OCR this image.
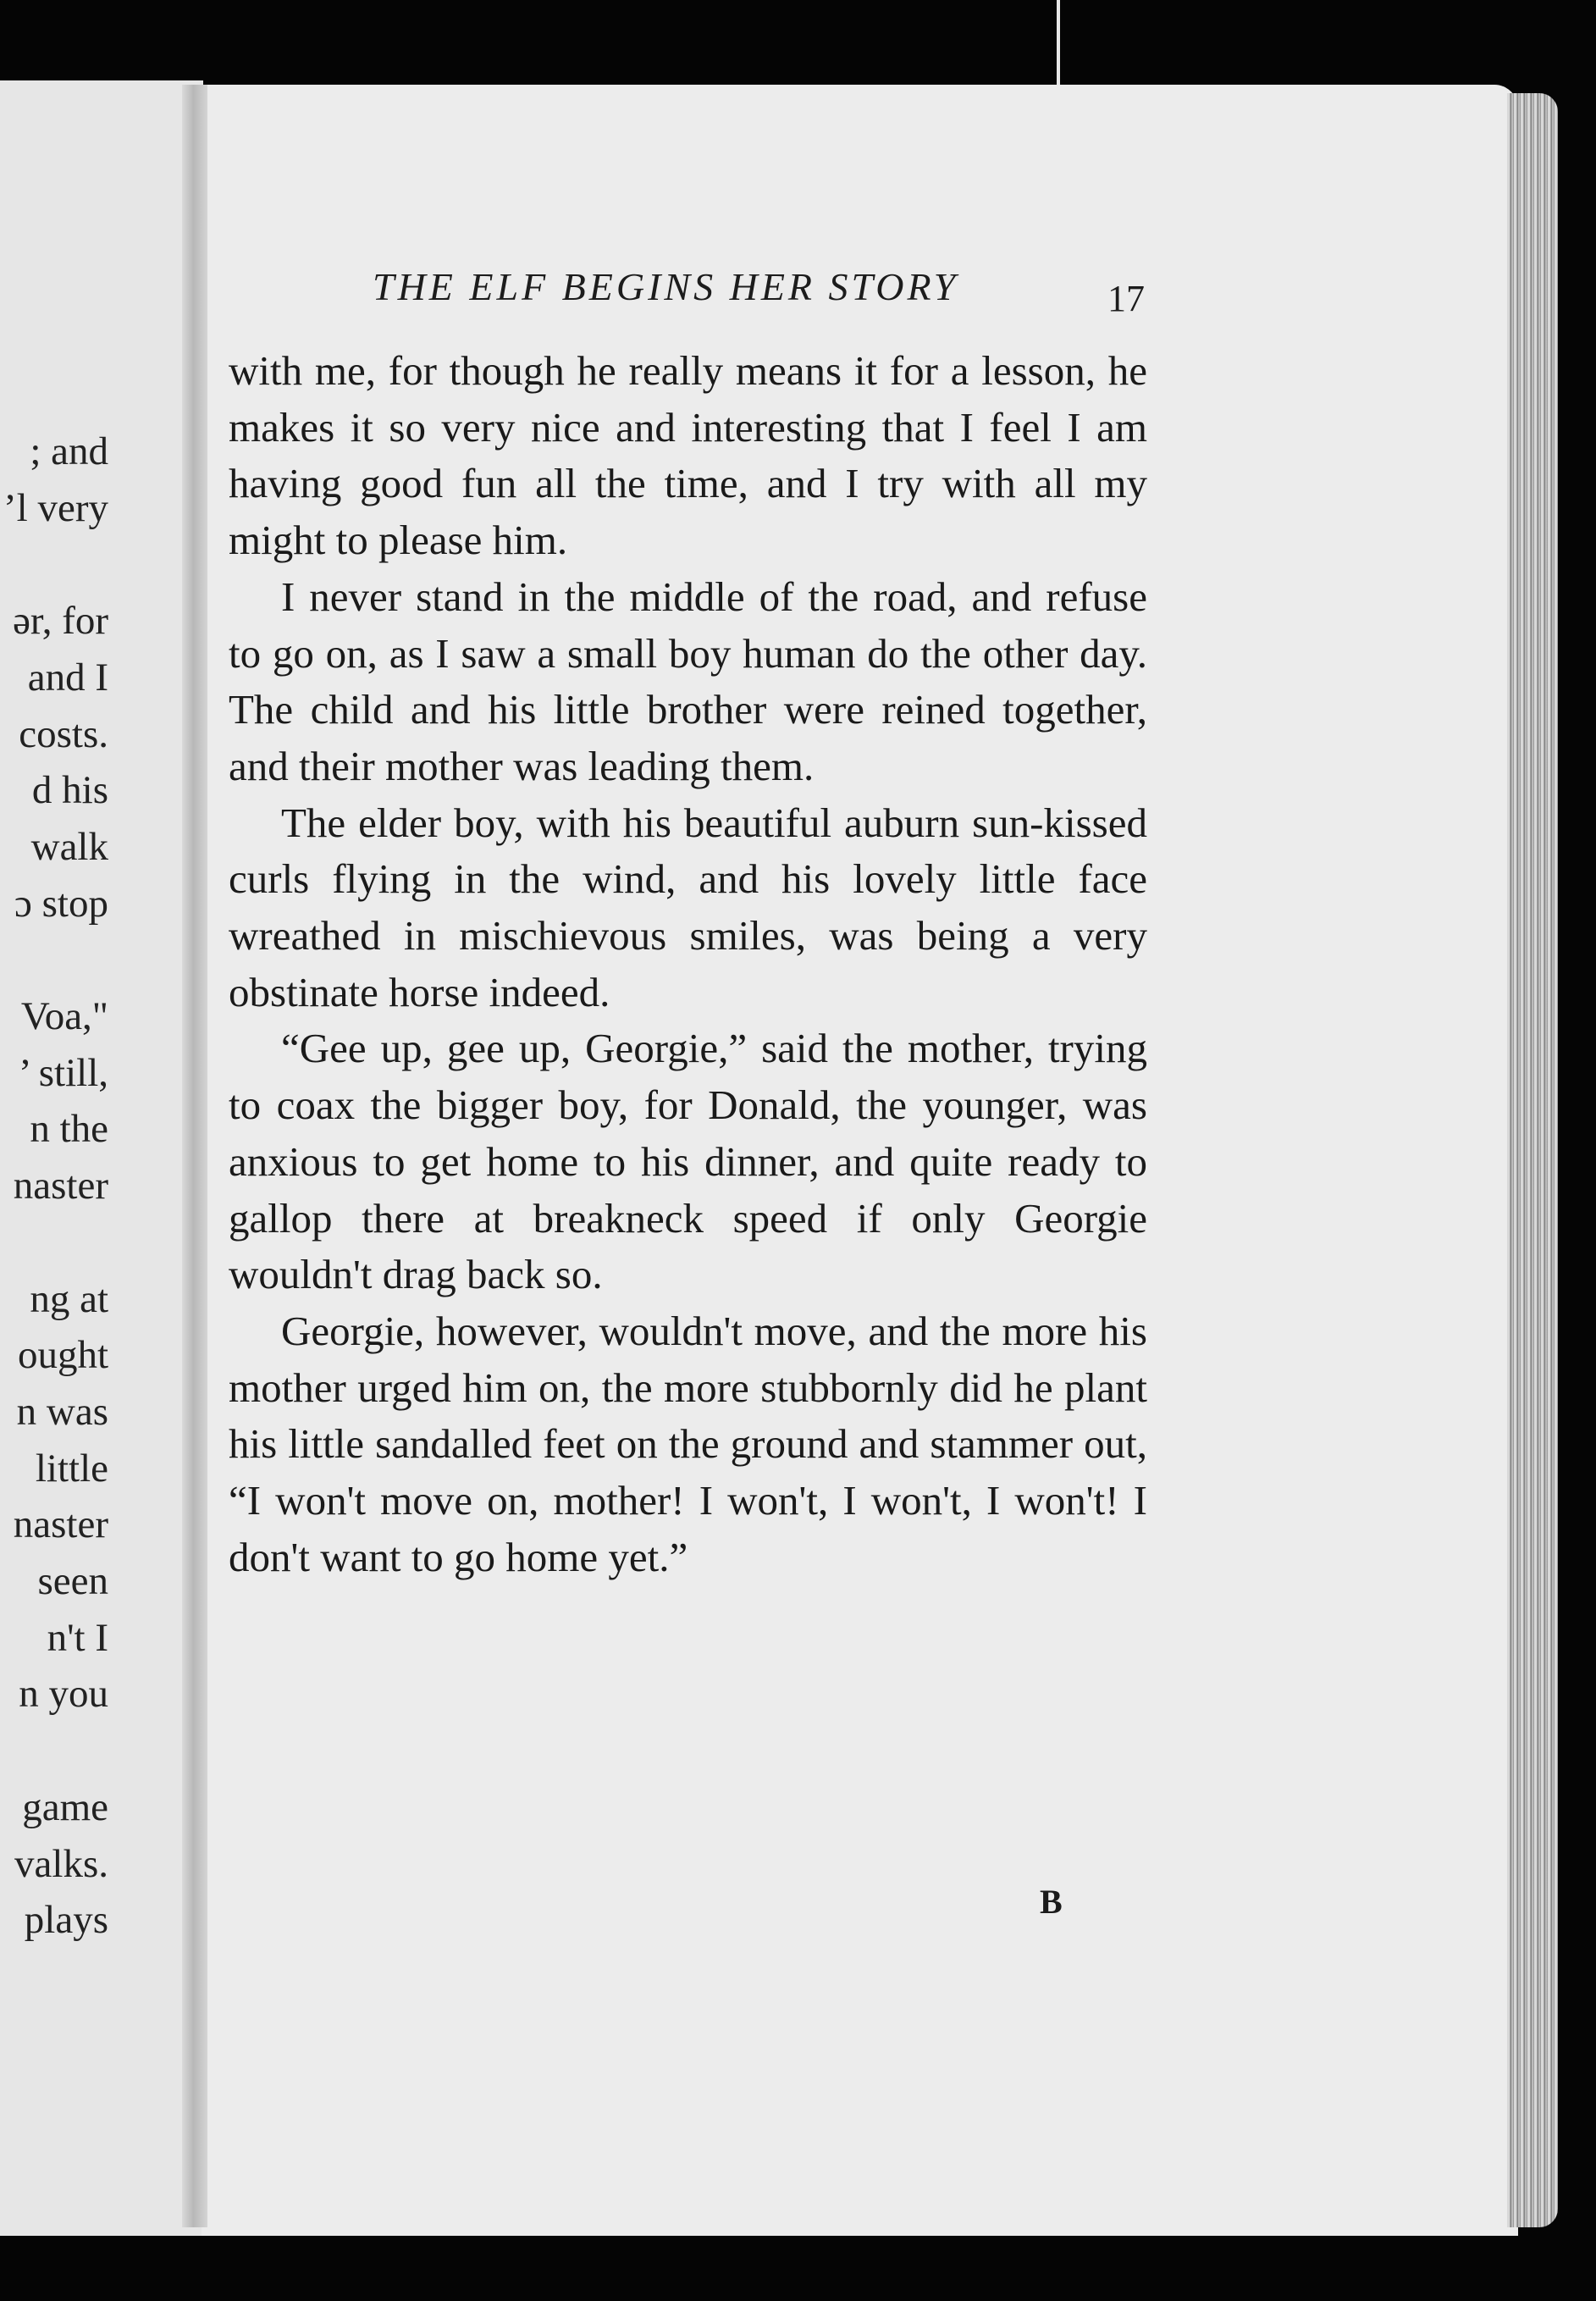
; and
’l very

ər, for
and I
costs.
d his
walk
ɔ stop

Voa,"
’ still,
n the
naster

ng at
ought
n was
little
naster
seen
n't I
n you

game
valks.
plays
THE ELF BEGINS HER STORY	17

with me, for though he really means it for a lesson, he makes it so very nice and interesting that I feel I am having good fun all the time, and I try with all my might to please him.

I never stand in the middle of the road, and refuse to go on, as I saw a small boy human do the other day. The child and his little brother were reined together, and their mother was leading them.

The elder boy, with his beautiful auburn sun-kissed curls flying in the wind, and his lovely little face wreathed in mischievous smiles, was being a very obstinate horse indeed.

“Gee up, gee up, Georgie,” said the mother, trying to coax the bigger boy, for Donald, the younger, was anxious to get home to his dinner, and quite ready to gallop there at breakneck speed if only Georgie wouldn't drag back so.

Georgie, however, wouldn't move, and the more his mother urged him on, the more stubbornly did he plant his little sandalled feet on the ground and stammer out, “I won't move on, mother! I won't, I won't, I won't! I don't want to go home yet.”

B
